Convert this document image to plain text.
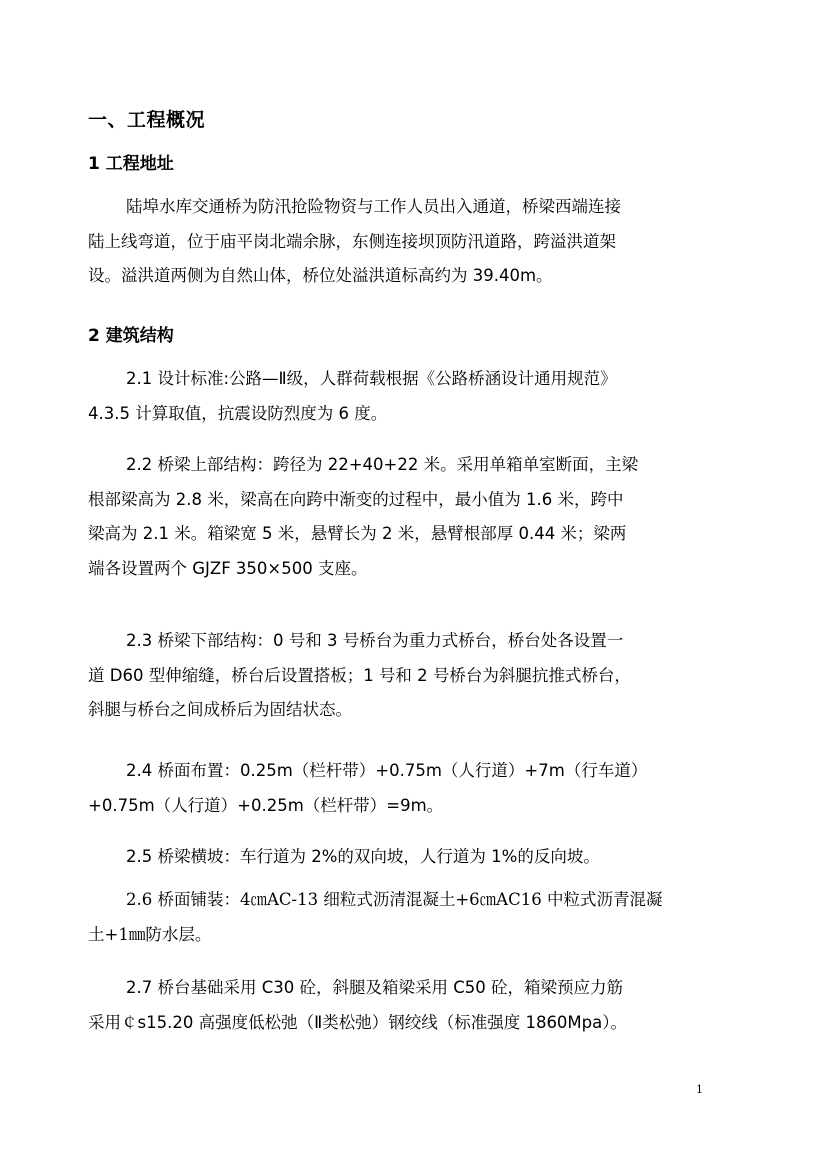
一、工程概况
1 工程地址
陆埠水库交通桥为防汛抢险物资与工作人员出入通道，桥梁西端连接
陆上线弯道，位于庙平岗北端余脉，东侧连接坝顶防汛道路，跨溢洪道架
设。溢洪道两侧为自然山体，桥位处溢洪道标高约为 39.40m。
2 建筑结构
2.1 设计标准:公路—Ⅱ级，人群荷载根据《公路桥涵设计通用规范》
4.3.5 计算取值，抗震设防烈度为 6 度。
2.2 桥梁上部结构：跨径为 22+40+22 米。采用单箱单室断面，主梁
根部梁高为 2.8 米，梁高在向跨中渐变的过程中，最小值为 1.6 米，跨中
梁高为 2.1 米。箱梁宽 5 米，悬臂长为 2 米，悬臂根部厚 0.44 米；梁两
端各设置两个 GJZF 350×500 支座。
2.3 桥梁下部结构：0 号和 3 号桥台为重力式桥台，桥台处各设置一
道 D60 型伸缩缝，桥台后设置搭板；1 号和 2 号桥台为斜腿抗推式桥台，
斜腿与桥台之间成桥后为固结状态。
2.4 桥面布置：0.25m（栏杆带）+0.75m（人行道）+7m（行车道）
+0.75m（人行道）+0.25m（栏杆带）=9m。
2.5 桥梁横坡：车行道为 2%的双向坡，人行道为 1%的反向坡。
2.6 桥面铺装：4㎝AC-13 细粒式沥清混凝土+6㎝AC16 中粒式沥青混凝
土+1㎜防水层。
2.7 桥台基础采用 C30 砼，斜腿及箱梁采用 C50 砼，箱梁预应力筋
采用￠s15.20 高强度低松弛（Ⅱ类松弛）钢绞线（标准强度 1860Mpa）。
1
